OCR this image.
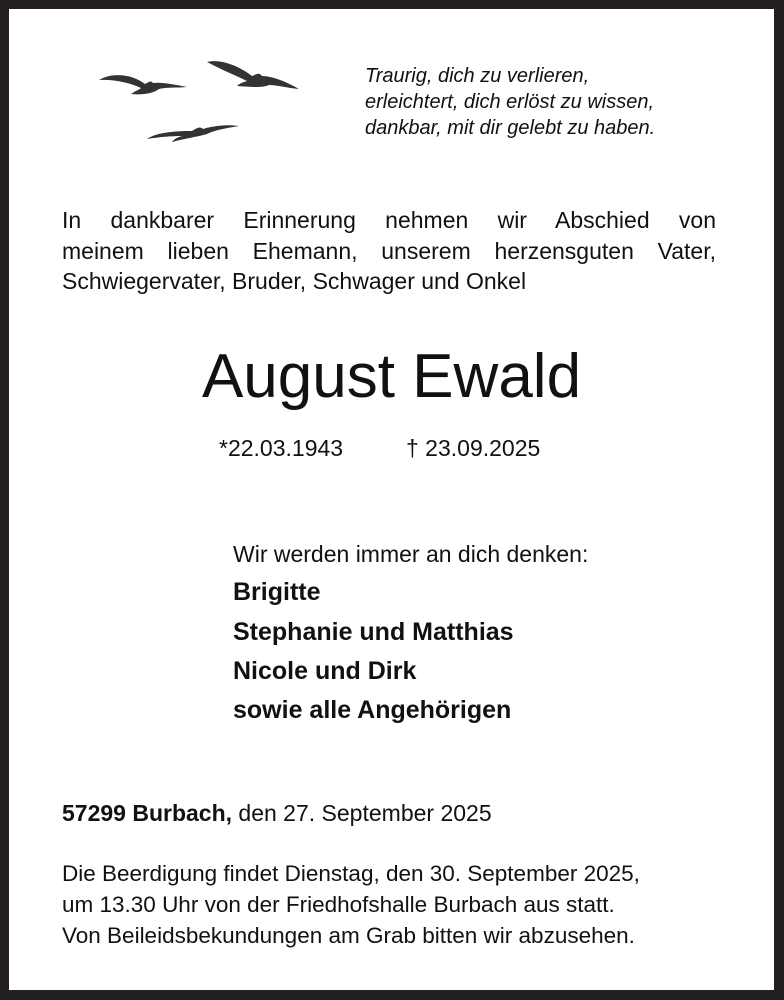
Traurig, dich zu verlieren,
erleichtert, dich erlöst zu wissen,
dankbar, mit dir gelebt zu haben.
In dankbarer Erinnerung nehmen wir Abschied von
meinem lieben Ehemann, unserem herzensguten Vater,
Schwiegervater, Bruder, Schwager und Onkel
August Ewald
*22.03.1943	† 23.09.2025
Wir werden immer an dich denken:
Brigitte
Stephanie und Matthias
Nicole und Dirk
sowie alle Angehörigen
57299 Burbach, den 27. September 2025
Die Beerdigung findet Dienstag, den 30. September 2025,
um 13.30 Uhr von der Friedhofshalle Burbach aus statt.
Von Beileidsbekundungen am Grab bitten wir abzusehen.
